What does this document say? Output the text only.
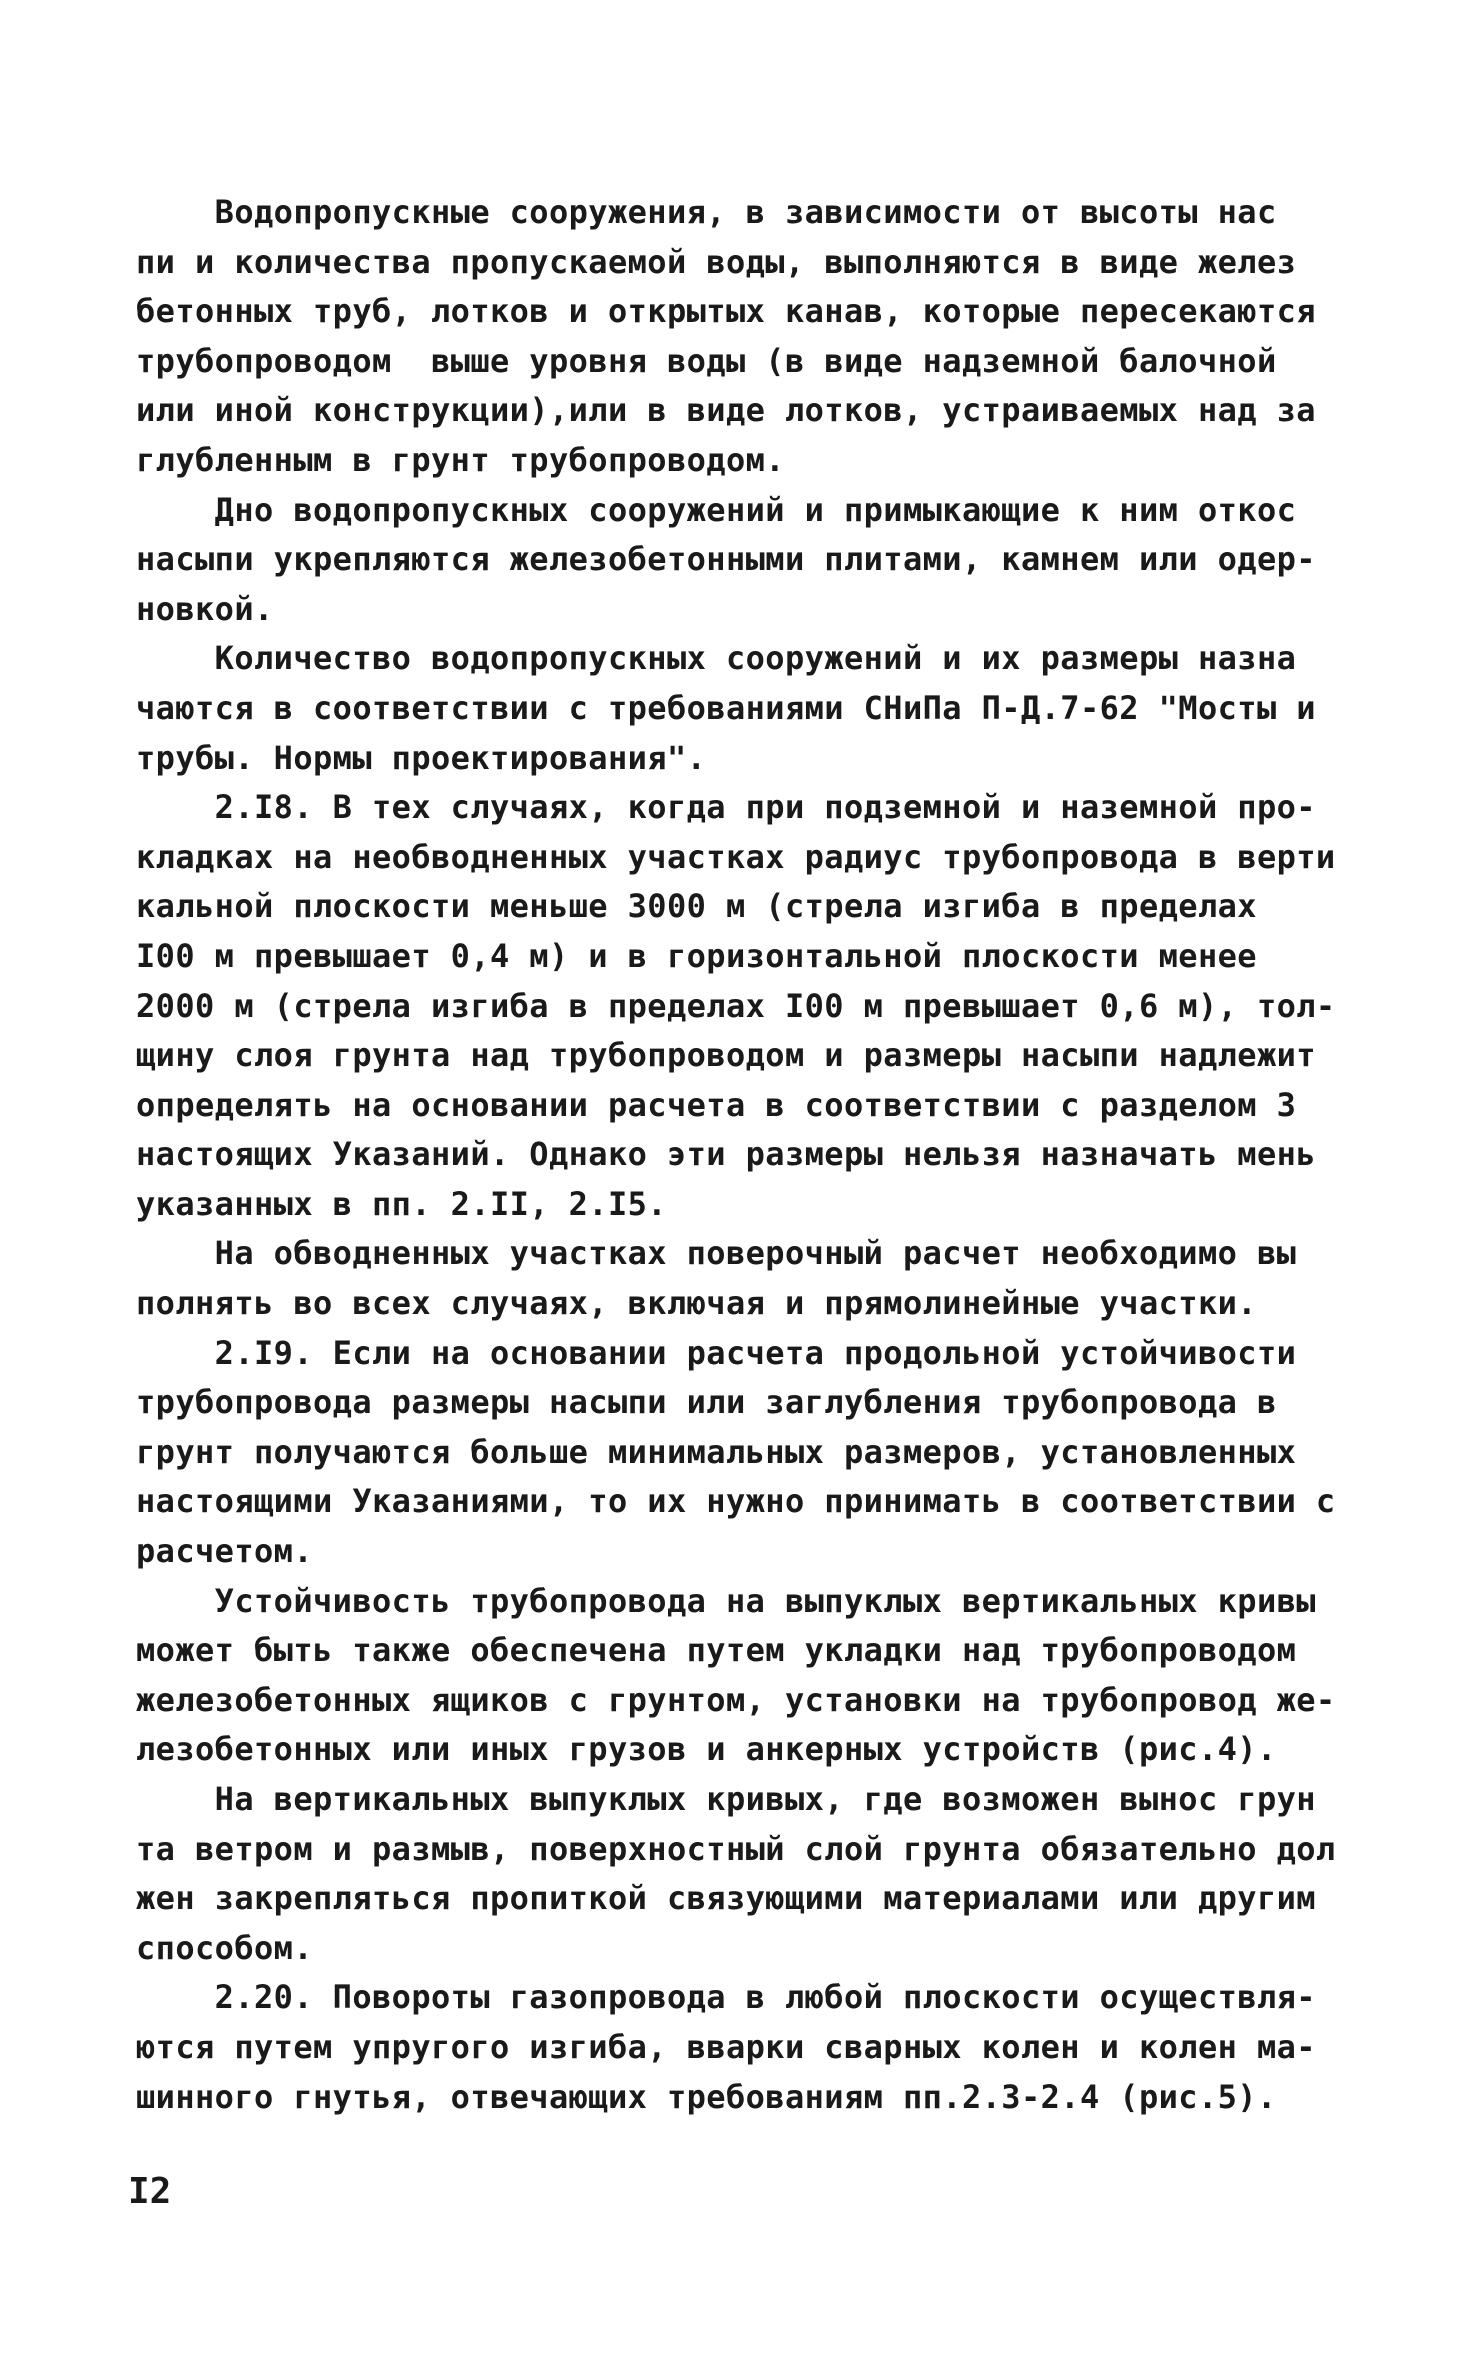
Водопропускные сооружения, в зависимости от высоты нас
пи и количества пропускаемой воды, выполняются в виде желез
бетонных труб, лотков и открытых канав, которые пересекаются
трубопроводом  выше уровня воды (в виде надземной балочной
или иной конструкции),или в виде лотков, устраиваемых над за
глубленным в грунт трубопроводом.
Дно водопропускных сооружений и примыкающие к ним откос
насыпи укрепляются железобетонными плитами, камнем или одер-
новкой.
Количество водопропускных сооружений и их размеры назна
чаются в соответствии с требованиями СНиПа П-Д.7-62 "Мосты и
трубы. Нормы проектирования".
2.I8. В тех случаях, когда при подземной и наземной про-
кладках на необводненных участках радиус трубопровода в верти
кальной плоскости меньше 3000 м (стрела изгиба в пределах
I00 м превышает 0,4 м) и в горизонтальной плоскости менее
2000 м (стрела изгиба в пределах I00 м превышает 0,6 м), тол-
щину слоя грунта над трубопроводом и размеры насыпи надлежит
определять на основании расчета в соответствии с разделом 3
настоящих Указаний. Однако эти размеры нельзя назначать мень
указанных в пп. 2.II, 2.I5.
На обводненных участках поверочный расчет необходимо вы
полнять во всех случаях, включая и прямолинейные участки.
2.I9. Если на основании расчета продольной устойчивости
трубопровода размеры насыпи или заглубления трубопровода в
грунт получаются больше минимальных размеров, установленных
настоящими Указаниями, то их нужно принимать в соответствии с
расчетом.
Устойчивость трубопровода на выпуклых вертикальных кривы
может быть также обеспечена путем укладки над трубопроводом
железобетонных ящиков с грунтом, установки на трубопровод же-
лезобетонных или иных грузов и анкерных устройств (рис.4).
На вертикальных выпуклых кривых, где возможен вынос грун
та ветром и размыв, поверхностный слой грунта обязательно дол
жен закрепляться пропиткой связующими материалами или другим
способом.
2.20. Повороты газопровода в любой плоскости осуществля-
ются путем упругого изгиба, вварки сварных колен и колен ма-
шинного гнутья, отвечающих требованиям пп.2.3-2.4 (рис.5).
I2
